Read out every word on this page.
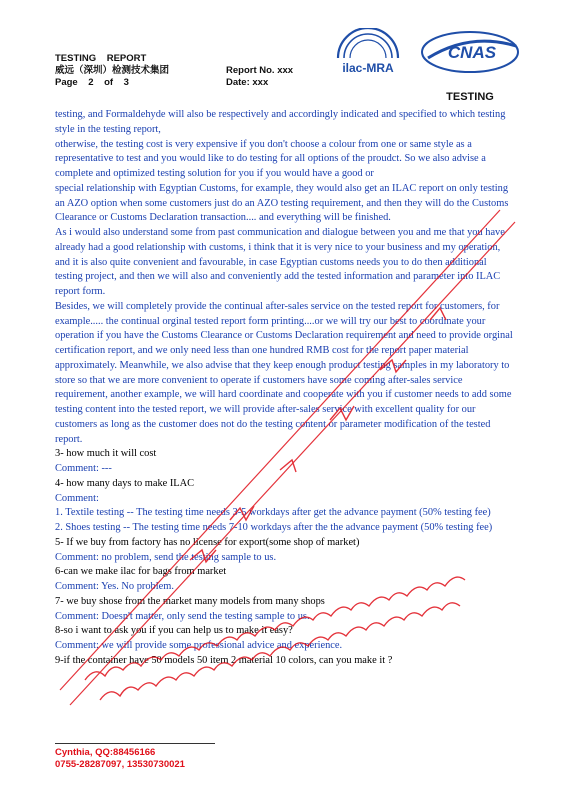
TESTING    REPORT
威远（深圳）检测技术集团
Page    2    of    3
Report No. xxx
Date: xxx
ilac-MRA
CNAS
TESTING

testing, and Formaldehyde will also be respectively and accordingly indicated and specified to which testing style in the testing report,

otherwise, the testing cost is very expensive if you don't choose a colour from one or same style as a representative to test and you would like to do testing for all options of the proudct. So we also advise a complete and optimized testing solution for you if you would have a good or

special relationship with Egyptian Customs, for example, they would also get an ILAC report on only testing an AZO option when some customers just do an AZO testing requirement, and then they will do the Customs Clearance or Customs Declaration transaction.... and everything will be finished.

As i would also understand some from past communication and dialogue between you and me that you have already had a good relationship with customs, i think that it is very nice to your business and my operation, and it is also quite convenient and favourable, in case Egyptian customs needs you to do then additional testing project, and then we will also and conveniently add the tested information and parameter into ILAC report form.

Besides, we will completely provide the continual after-sales service on the tested report for customers, for example..... the continual orginal tested report form printing....or we will try our best to coordinate your operation if you have the Customs Clearance or Customs Declaration requirement and need to provide orginal certification report, and we only need less than one hundred RMB cost for the report paper material approximately. Meanwhile, we also advise that they keep enough product testing samples in my laboratory to store so that we are more convenient to operate if customers have some coming after-sales service requirement, another example, we will hard coordinate and cooperate with you if customer needs to add some testing content into the tested report, we will provide after-sales service with excellent quality for our customers as long as the customer does not do the testing content or parameter modification of the tested report.

3- how much it will cost

Comment: ---

4- how many days to make ILAC

Comment:

1. Textile testing -- The testing time needs 3-5 workdays after get the advance payment (50% testing fee)

2. Shoes testing -- The testing time needs 7-10 workdays after the the advance payment (50% testing fee)

5- If we buy from factory has no license for export(some shop of market)

Comment: no problem, send the testing sample to us.

6-can we make ilac for bags from market

Comment: Yes. No problem.

7- we buy shose from the market many models from many shops

Comment: Doesn't matter, only send the testing sample to us.

8-so i want to ask you if you can help us to make it easy?

Comment: we will provide some professional advice and experience.

9-if the container have 50 models 50 item 2 material 10 colors, can you make it ?

Cynthia, QQ:88456166
0755-28287097, 13530730021
